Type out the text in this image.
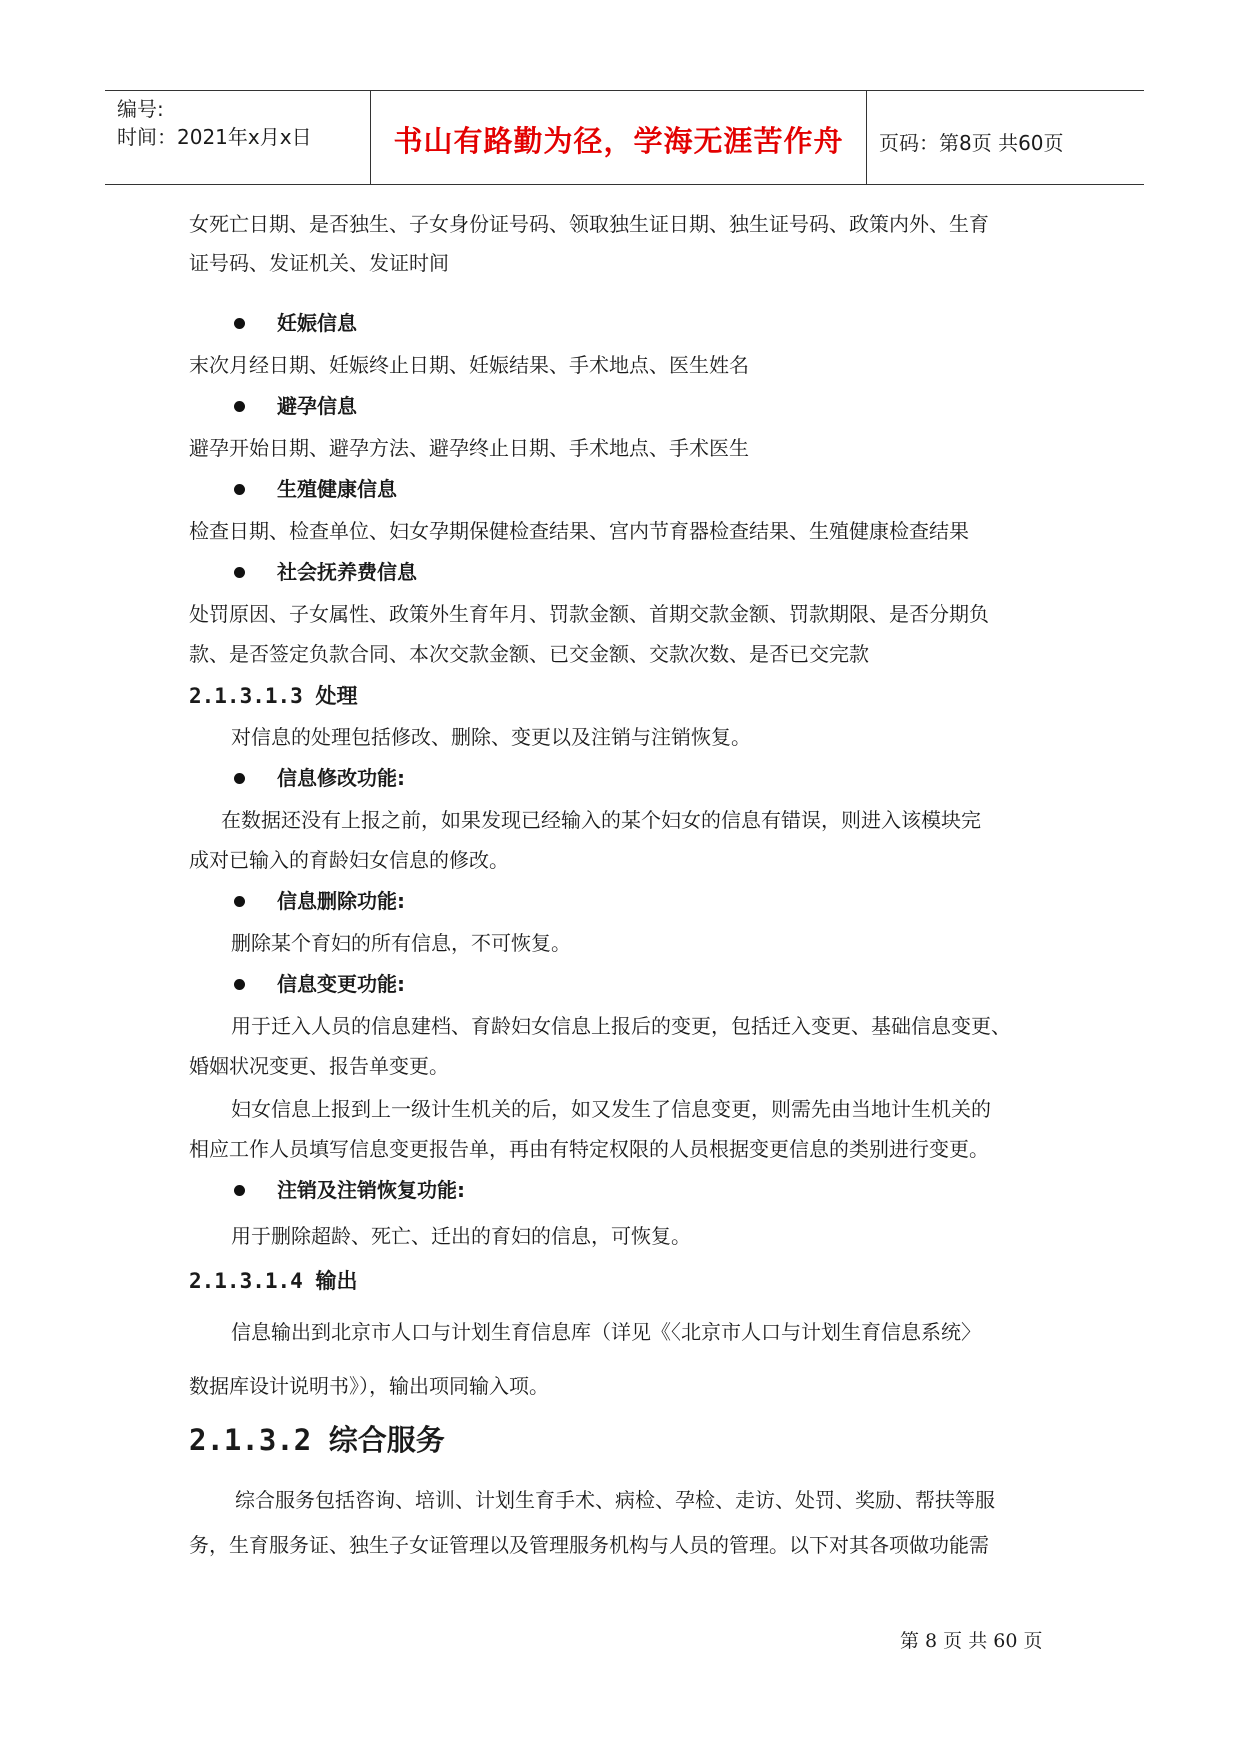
编号:
时间：2021年x月x日	书山有路勤为径，学海无涯苦作舟	页码：第8页 共60页
女死亡日期、是否独生、子女身份证号码、领取独生证日期、独生证号码、政策内外、生育
证号码、发证机关、发证时间
妊娠信息
末次月经日期、妊娠终止日期、妊娠结果、手术地点、医生姓名
避孕信息
避孕开始日期、避孕方法、避孕终止日期、手术地点、手术医生
生殖健康信息
检查日期、检查单位、妇女孕期保健检查结果、宫内节育器检查结果、生殖健康检查结果
社会抚养费信息
处罚原因、子女属性、政策外生育年月、罚款金额、首期交款金额、罚款期限、是否分期负
款、是否签定负款合同、本次交款金额、已交金额、交款次数、是否已交完款
2.1.3.1.3 处理
对信息的处理包括修改、删除、变更以及注销与注销恢复。
信息修改功能:
在数据还没有上报之前，如果发现已经输入的某个妇女的信息有错误，则进入该模块完
成对已输入的育龄妇女信息的修改。
信息删除功能:
删除某个育妇的所有信息，不可恢复。
信息变更功能:
用于迁入人员的信息建档、育龄妇女信息上报后的变更，包括迁入变更、基础信息变更、
婚姻状况变更、报告单变更。
妇女信息上报到上一级计生机关的后，如又发生了信息变更，则需先由当地计生机关的
相应工作人员填写信息变更报告单，再由有特定权限的人员根据变更信息的类别进行变更。
注销及注销恢复功能:
用于删除超龄、死亡、迁出的育妇的信息，可恢复。
2.1.3.1.4 输出
信息输出到北京市人口与计划生育信息库（详见《〈北京市人口与计划生育信息系统〉
数据库设计说明书》），输出项同输入项。
2.1.3.2 综合服务
综合服务包括咨询、培训、计划生育手术、病检、孕检、走访、处罚、奖励、帮扶等服
务，生育服务证、独生子女证管理以及管理服务机构与人员的管理。以下对其各项做功能需
第 8 页 共 60 页
